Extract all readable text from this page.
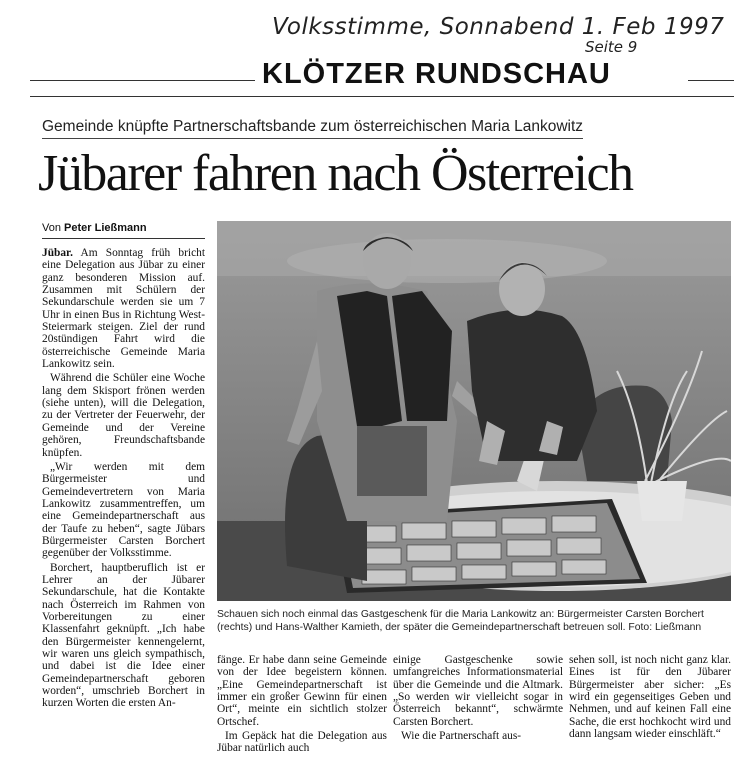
Volksstimme, Sonnabend 1. Feb 1997
Seite 9
KLÖTZER RUNDSCHAU
Gemeinde knüpfte Partnerschaftsbande zum österreichischen Maria Lankowitz
Jübarer fahren nach Österreich
Von Peter Ließmann

Jübar. Am Sonntag früh bricht eine Delegation aus Jübar zu einer ganz besonderen Mission auf. Zusammen mit Schülern der Sekundarschule werden sie um 7 Uhr in einen Bus in Richtung West-Steiermark steigen. Ziel der rund 20stündigen Fahrt wird die österreichische Gemeinde Maria Lankowitz sein.

Während die Schüler eine Woche lang dem Skisport frönen werden (siehe unten), will die Delegation, zu der Vertreter der Feuerwehr, der Gemeinde und der Vereine gehören, Freundschaftsbande knüpfen.

„Wir werden mit dem Bürgermeister und Gemeindevertretern von Maria Lankowitz zusammentreffen, um eine Gemeindepartnerschaft aus der Taufe zu heben“, sagte Jübars Bürgermeister Carsten Borchert gegenüber der Volksstimme.

Borchert, hauptberuflich ist er Lehrer an der Jübarer Sekundarschule, hat die Kontakte nach Österreich im Rahmen von Vorbereitungen zu einer Klassenfahrt geknüpft. „Ich habe den Bürgermeister kennengelernt, wir waren uns gleich sympathisch, und dabei ist die Idee einer Gemeindepartnerschaft geboren worden“, umschrieb Borchert in kurzen Worten die ersten An-

Schauen sich noch einmal das Gastgeschenk für die Maria Lankowitz an: Bürgermeister Carsten Borchert (rechts) und Hans-Walther Kamieth, der später die Gemeindepartnerschaft betreuen soll. Foto: Ließmann

fänge. Er habe dann seine Gemeinde von der Idee begeistern können. „Eine Gemeindepartnerschaft ist immer ein großer Gewinn für einen Ort“, meinte ein sichtlich stolzer Ortschef.

Im Gepäck hat die Delegation aus Jübar natürlich auch

einige Gastgeschenke sowie umfangreiches Informationsmaterial über die Gemeinde und die Altmark. „So werden wir vielleicht sogar in Österreich bekannt“, schwärmte Carsten Borchert.

Wie die Partnerschaft aus-

sehen soll, ist noch nicht ganz klar. Eines ist für den Jübarer Bürgermeister aber sicher: „Es wird ein gegenseitiges Geben und Nehmen, und auf keinen Fall eine Sache, die erst hochkocht wird und dann langsam wieder einschläft.“
